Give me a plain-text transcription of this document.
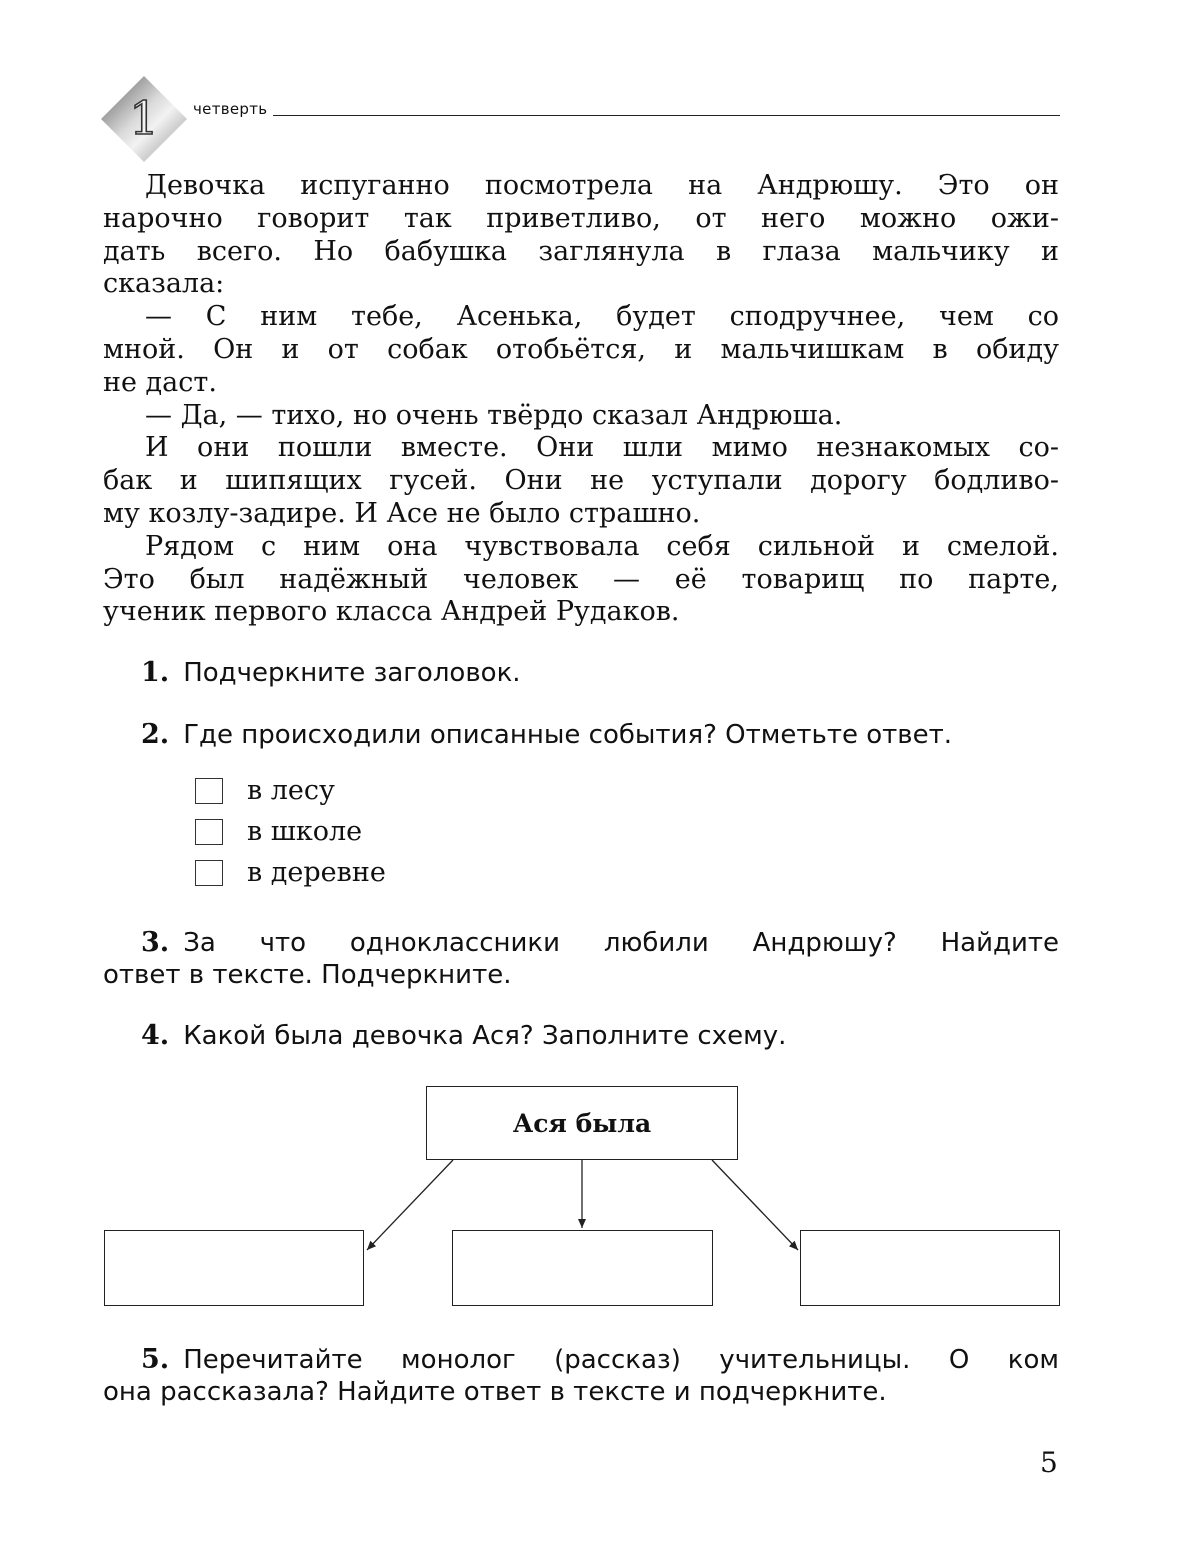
1 четверть
Девочка испуганно посмотрела на Андрюшу. Это он
нарочно говорит так приветливо, от него можно ожи-
дать всего. Но бабушка заглянула в глаза мальчику и
сказала:
— С ним тебе, Асенька, будет сподручнее, чем со
мной. Он и от собак отобьётся, и мальчишкам в обиду
не даст.
— Да, — тихо, но очень твёрдо сказал Андрюша.
И они пошли вместе. Они шли мимо незнакомых со-
бак и шипящих гусей. Они не уступали дорогу бодливо-
му козлу-задире. И Асе не было страшно.
Рядом с ним она чувствовала себя сильной и смелой.
Это был надёжный человек — её товарищ по парте,
ученик первого класса Андрей Рудаков.
1. Подчеркните заголовок.
2. Где происходили описанные события? Отметьте ответ.
в лесу
в школе
в деревне
3. За что одноклассники любили Андрюшу? Найдите
ответ в тексте. Подчеркните.
4. Какой была девочка Ася? Заполните схему.
Ася была
5. Перечитайте монолог (рассказ) учительницы. О ком
она рассказала? Найдите ответ в тексте и подчеркните.
5
